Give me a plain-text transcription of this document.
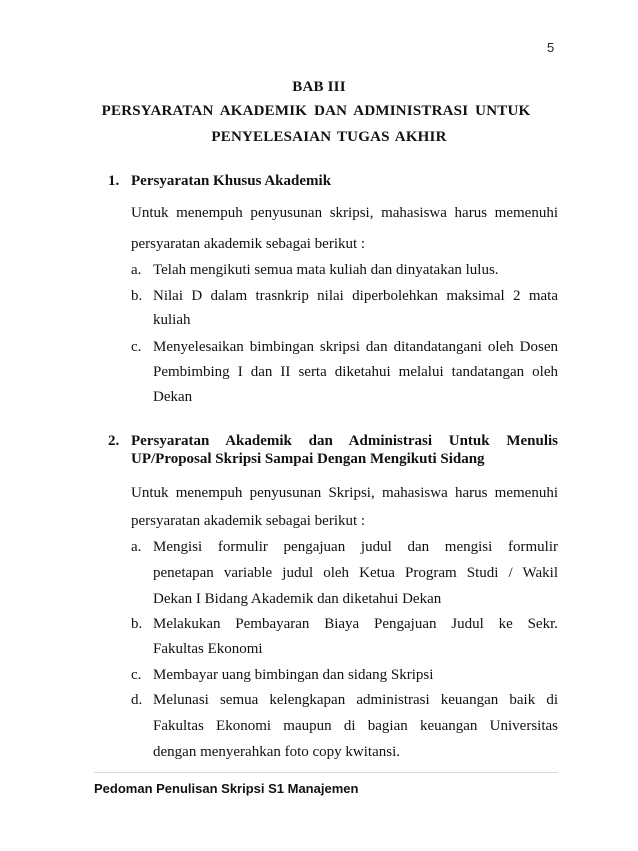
5
BAB III
PERSYARATAN AKADEMIK DAN ADMINISTRASI UNTUK
PENYELESAIAN TUGAS AKHIR
1. Persyaratan Khusus Akademik
Untuk menempuh penyusunan skripsi, mahasiswa harus memenuhi
persyaratan akademik sebagai berikut :
a. Telah mengikuti semua mata kuliah dan dinyatakan lulus.
b. Nilai D dalam trasnkrip nilai diperbolehkan maksimal 2 mata
kuliah
c. Menyelesaikan bimbingan skripsi dan ditandatangani oleh Dosen
Pembimbing I dan II serta diketahui melalui tandatangan oleh
Dekan
2. Persyaratan Akademik dan Administrasi Untuk Menulis
UP/Proposal Skripsi Sampai Dengan Mengikuti Sidang
Untuk menempuh penyusunan Skripsi, mahasiswa harus memenuhi
persyaratan akademik sebagai berikut :
a. Mengisi formulir pengajuan judul dan mengisi formulir
penetapan variable judul oleh Ketua Program Studi / Wakil
Dekan I Bidang Akademik dan diketahui Dekan
b. Melakukan Pembayaran Biaya Pengajuan Judul ke Sekr.
Fakultas Ekonomi
c. Membayar uang bimbingan dan sidang Skripsi
d. Melunasi semua kelengkapan administrasi keuangan baik di
Fakultas Ekonomi maupun di bagian keuangan Universitas
dengan menyerahkan foto copy kwitansi.
Pedoman Penulisan Skripsi S1 Manajemen
